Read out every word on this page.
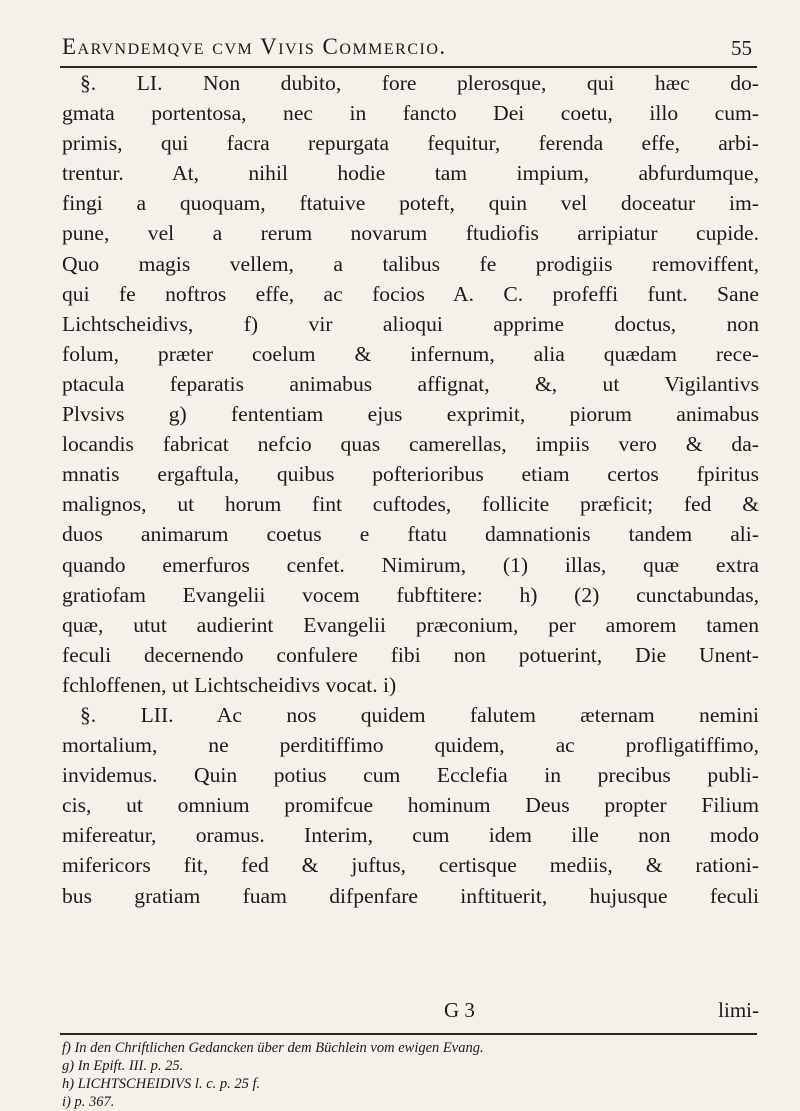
Earvndemqve cvm Vivis Commercio.	55
§. LI. Non dubito, fore plerosque, qui hæc do-
gmata portentosa, nec in fancto Dei coetu, illo cum-
primis, qui facra repurgata fequitur, ferenda effe, arbi-
trentur. At, nihil hodie tam impium, abfurdumque,
fingi a quoquam, ftatuive poteft, quin vel doceatur im-
pune, vel a rerum novarum ftudiofis arripiatur cupide.
Quo magis vellem, a talibus fe prodigiis removiffent,
qui fe noftros effe, ac focios A. C. profeffi funt. Sane
Lichtscheidivs, f) vir alioqui apprime doctus, non
folum, præter coelum & infernum, alia quædam rece-
ptacula feparatis animabus affignat, &, ut Vigilantivs
Plvsivs g) fententiam ejus exprimit, piorum animabus
locandis fabricat nefcio quas camerellas, impiis vero & da-
mnatis ergaftula, quibus pofterioribus etiam certos fpiritus
malignos, ut horum fint cuftodes, follicite præficit; fed &
duos animarum coetus e ftatu damnationis tandem ali-
quando emerfuros cenfet. Nimirum, (1) illas, quæ extra
gratiofam Evangelii vocem fubftitere: h) (2) cunctabundas,
quæ, utut audierint Evangelii præconium, per amorem tamen
feculi decernendo confulere fibi non potuerint, Die Unent-
fchloffenen, ut Lichtscheidivs vocat. i)
§. LII. Ac nos quidem falutem æternam nemini
mortalium, ne perditiffimo quidem, ac profligatiffimo,
invidemus. Quin potius cum Ecclefia in precibus publi-
cis, ut omnium promifcue hominum Deus propter Filium
mifereatur, oramus. Interim, cum idem ille non modo
mifericors fit, fed & juftus, certisque mediis, & rationi-
bus gratiam fuam difpenfare inftituerit, hujusque feculi
G 3	limi-
f) In den Chriftlichen Gedancken über dem Büchlein vom ewigen Evang.
g) In Epift. III. p. 25.
h) LICHTSCHEIDIVS l. c. p. 25 f.
i) p. 367.
